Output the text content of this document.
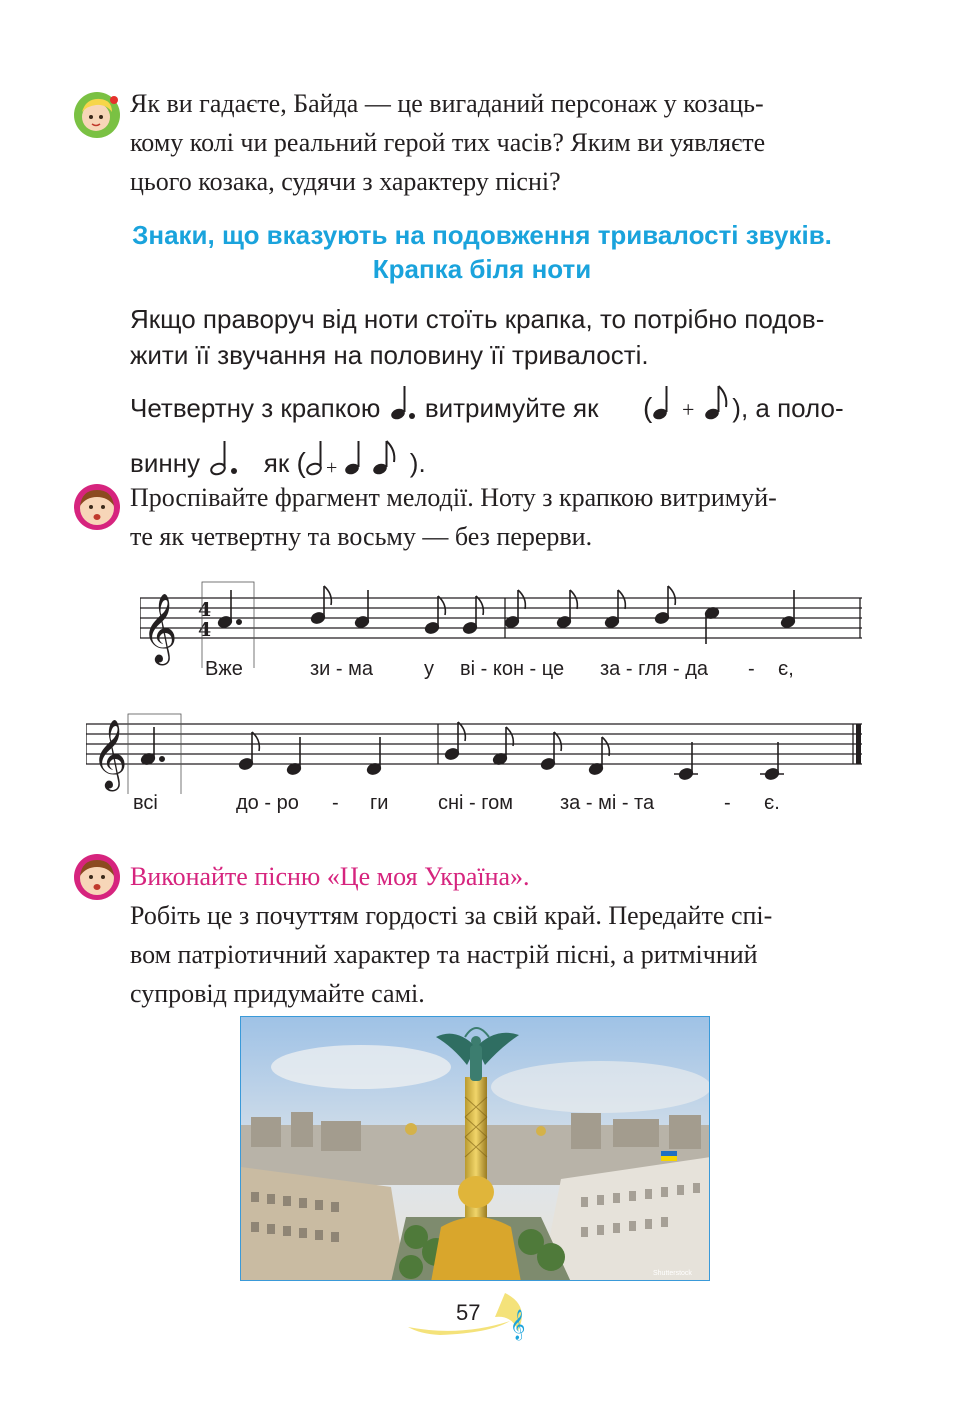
Як ви гадаєте, Байда — це вигаданий персонаж у козаць-
кому колі чи реальний герой тих часів? Яким ви уявляєте
цього козака, судячи з характеру пісні?
Знаки, що вказують на подовження тривалості звуків.
Крапка біля ноти
Якщо праворуч від ноти стоїть крапка, то потрібно подов-
жити її звучання на половину її тривалості.
Четвертну з крапкою витримуйте як ( + ), а поло-
винну як ( +	).
Проспівайте фрагмент мелодії. Ноту з крапкою витримуй-
те як четвертну та восьму — без перерви.
𝄞 4
4
Вже	зи - ма	у ві - кон - це за - гля - да - є,
𝄞
всі	до - ро - ги сні - гом за - мі - та	- є.
Виконайте пісню «Це моя Україна».
Робіть це з почуттям гордості за свій край. Передайте спі-
вом патріотичний характер та настрій пісні, а ритмічний
супровід придумайте самі.
Shutterstock
𝄞
57
